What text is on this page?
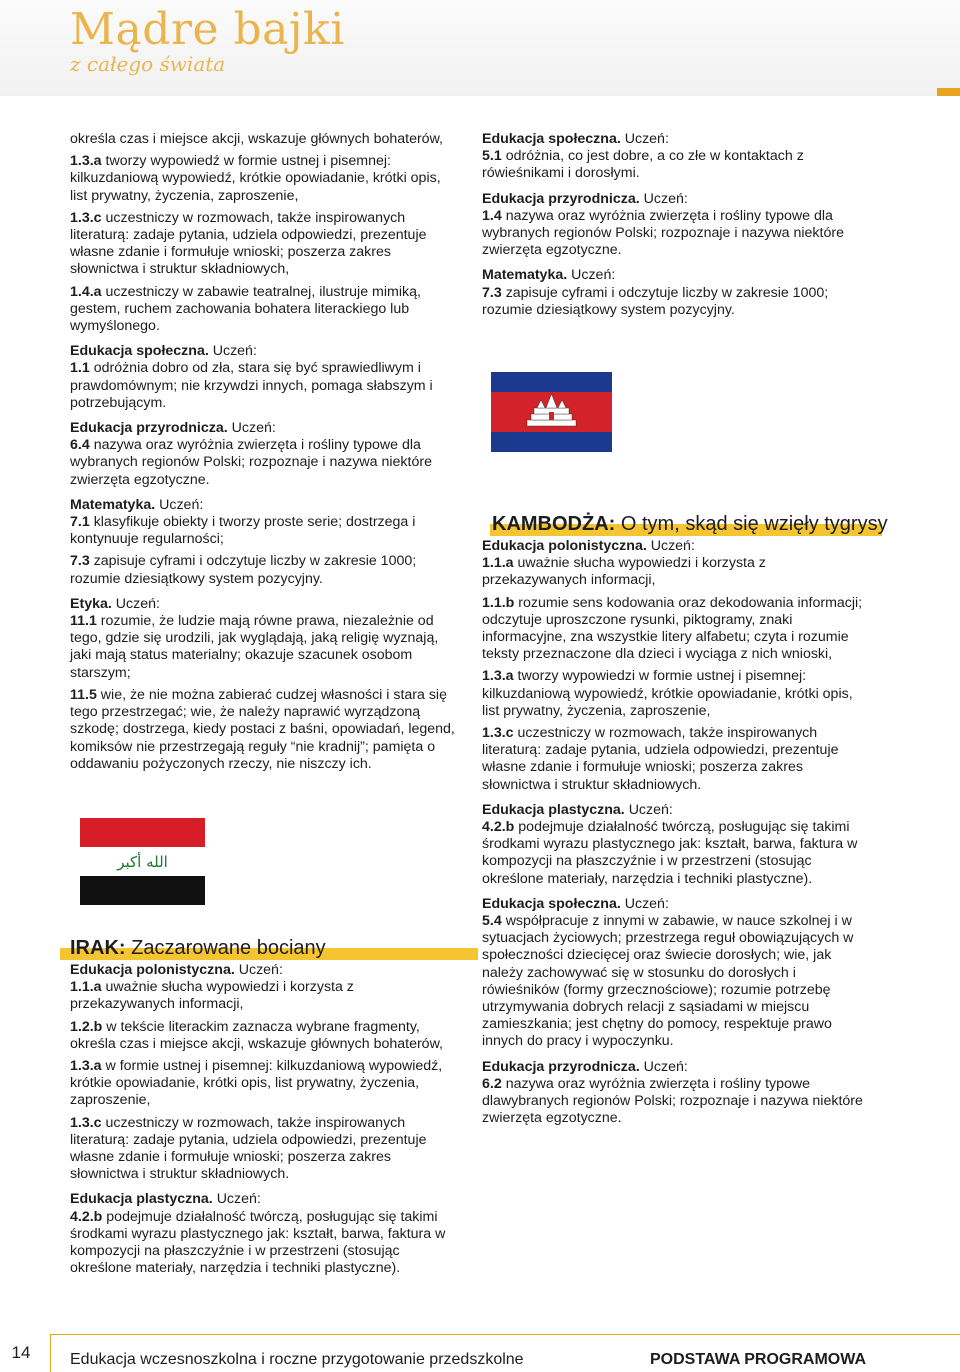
Mądre bajki
z całego świata
określa czas i miejsce akcji, wskazuje głównych bohaterów,
1.3.a tworzy wypowiedź w formie ustnej i pisemnej: kilkuzdaniową wypowiedź, krótkie opowiadanie, krótki opis, list prywatny, życzenia, zaproszenie,
1.3.c uczestniczy w rozmowach, także inspirowanych literaturą: zadaje pytania, udziela odpowiedzi, prezentuje własne zdanie i formułuje wnioski; poszerza zakres słownictwa i struktur składniowych,
1.4.a uczestniczy w zabawie teatralnej, ilustruje mimiką, gestem, ruchem zachowania bohatera literackiego lub wymyślonego.
Edukacja społeczna. Uczeń:
1.1 odróżnia dobro od zła, stara się być sprawiedliwym i prawdomównym; nie krzywdzi innych, pomaga słabszym i potrzebującym.
Edukacja przyrodnicza. Uczeń:
6.4 nazywa oraz wyróżnia zwierzęta i rośliny typowe dla wybranych regionów Polski; rozpoznaje i nazywa niektóre zwierzęta egzotyczne.
Matematyka. Uczeń:
7.1 klasyfikuje obiekty i tworzy proste serie; dostrzega i kontynuuje regularności;
7.3 zapisuje cyframi i odczytuje liczby w zakresie 1000; rozumie dziesiątkowy system pozycyjny.
Etyka. Uczeń:
11.1 rozumie, że ludzie mają równe prawa, niezależnie od tego, gdzie się urodzili, jak wyglądają, jaką religię wyznają, jaki mają status materialny; okazuje szacunek osobom starszym;
11.5 wie, że nie można zabierać cudzej własności i stara się tego przestrzegać; wie, że należy naprawić wyrządzoną szkodę; dostrzega, kiedy postaci z baśni, opowiadań, legend, komiksów nie przestrzegają reguły “nie kradnij”; pamięta o oddawaniu pożyczonych rzeczy, nie niszczy ich.
الله أكبر
IRAK: Zaczarowane bociany
Edukacja polonistyczna. Uczeń:
1.1.a uważnie słucha wypowiedzi i korzysta z przekazywanych informacji,
1.2.b w tekście literackim zaznacza wybrane fragmenty, określa czas i miejsce akcji, wskazuje głównych bohaterów,
1.3.a w formie ustnej i pisemnej: kilkuzdaniową wypowiedź, krótkie opowiadanie, krótki opis, list prywatny, życzenia, zaproszenie,
1.3.c uczestniczy w rozmowach, także inspirowanych literaturą: zadaje pytania, udziela odpowiedzi, prezentuje własne zdanie i formułuje wnioski; poszerza zakres słownictwa i struktur składniowych.
Edukacja plastyczna. Uczeń:
4.2.b podejmuje działalność twórczą, posługując się takimi środkami wyrazu plastycznego jak: kształt, barwa, faktura w kompozycji na płaszczyźnie i w przestrzeni (stosując określone materiały, narzędzia i techniki plastyczne).
Edukacja społeczna. Uczeń:
5.1 odróżnia, co jest dobre, a co złe w kontaktach z rówieśnikami i dorosłymi.
Edukacja przyrodnicza. Uczeń:
1.4 nazywa oraz wyróżnia zwierzęta i rośliny typowe dla wybranych regionów Polski; rozpoznaje i nazywa niektóre zwierzęta egzotyczne.
Matematyka. Uczeń:
7.3 zapisuje cyframi i odczytuje liczby w zakresie 1000; rozumie dziesiątkowy system pozycyjny.
KAMBODŻA: O tym, skąd się wzięły tygrysy
Edukacja polonistyczna. Uczeń:
1.1.a uważnie słucha wypowiedzi i korzysta z przekazywanych informacji,
1.1.b rozumie sens kodowania oraz dekodowania informacji; odczytuje uproszczone rysunki, piktogramy, znaki informacyjne, zna wszystkie litery alfabetu; czyta i rozumie teksty przeznaczone dla dzieci i wyciąga z nich wnioski,
1.3.a tworzy wypowiedzi w formie ustnej i pisemnej: kilkuzdaniową wypowiedź, krótkie opowiadanie, krótki opis, list prywatny, życzenia, zaproszenie,
1.3.c uczestniczy w rozmowach, także inspirowanych literaturą: zadaje pytania, udziela odpowiedzi, prezentuje własne zdanie i formułuje wnioski; poszerza zakres słownictwa i struktur składniowych.
Edukacja plastyczna. Uczeń:
4.2.b podejmuje działalność twórczą, posługując się takimi środkami wyrazu plastycznego jak: kształt, barwa, faktura w kompozycji na płaszczyźnie i w przestrzeni (stosując określone materiały, narzędzia i techniki plastyczne).
Edukacja społeczna. Uczeń:
5.4 współpracuje z innymi w zabawie, w nauce szkolnej i w sytuacjach życiowych; przestrzega reguł obowiązujących w społeczności dziecięcej oraz świecie dorosłych; wie, jak należy zachowywać się w stosunku do dorosłych i rówieśników (formy grzecznościowe); rozumie potrzebę utrzymywania dobrych relacji z sąsiadami w miejscu zamieszkania; jest chętny do pomocy, respektuje prawo innych do pracy i wypoczynku.
Edukacja przyrodnicza. Uczeń:
6.2 nazywa oraz wyróżnia zwierzęta i rośliny typowe dlawybranych regionów Polski; rozpoznaje i nazywa niektóre zwierzęta egzotyczne.
14	Edukacja wczesnoszkolna i roczne przygotowanie przedszkolne	PODSTAWA PROGRAMOWA
